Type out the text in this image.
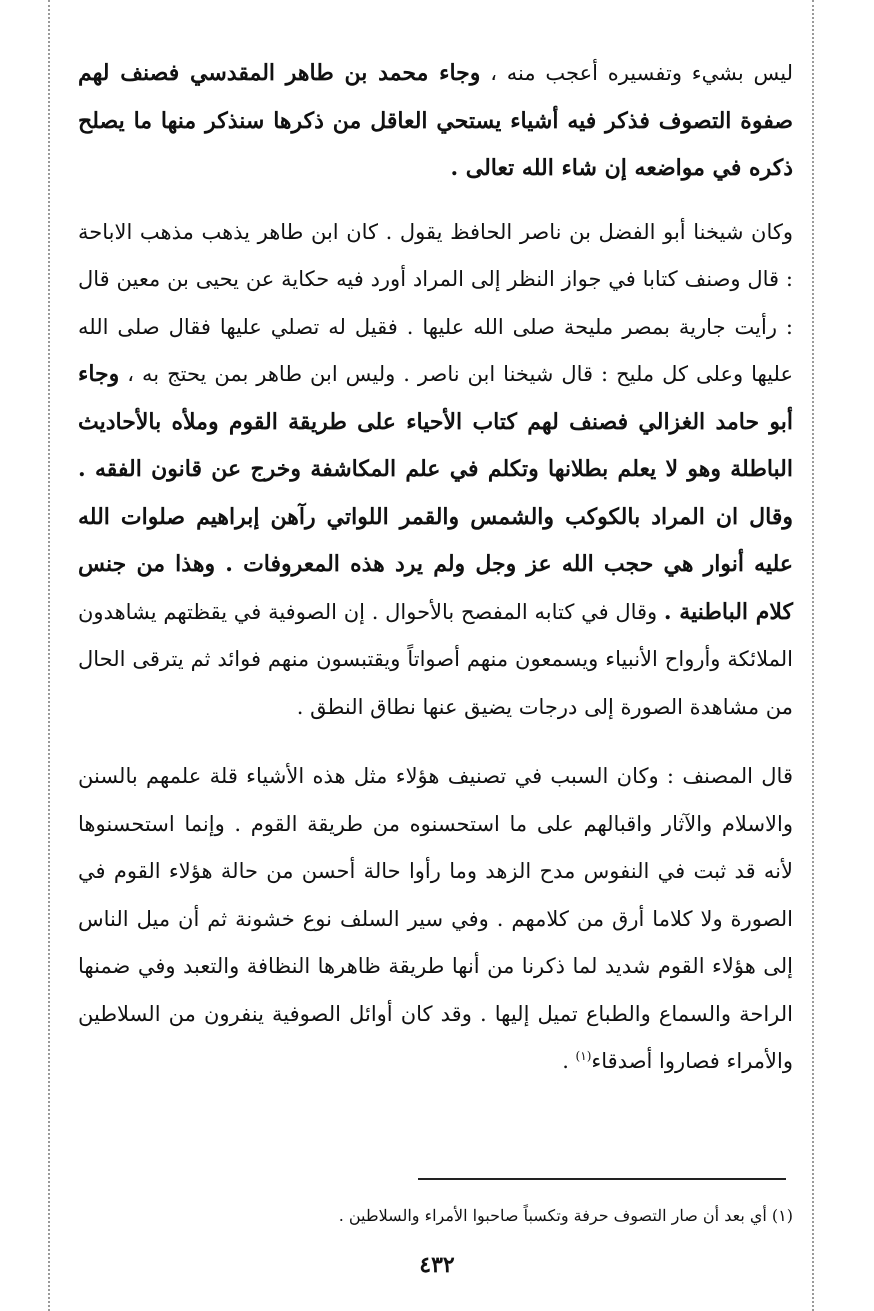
ليس بشيء وتفسيره أعجب منه ، وجاء محمد بن طاهر المقدسي فصنف لهم صفوة التصوف فذكر فيه أشياء يستحي العاقل من ذكرها سنذكر منها ما يصلح ذكره في مواضعه إن شاء الله تعالى .

وكان شيخنا أبو الفضل بن ناصر الحافظ يقول . كان ابن طاهر يذهب مذهب الاباحة : قال وصنف كتابا في جواز النظر إلى المراد أورد فيه حكاية عن يحيى بن معين قال : رأيت جارية بمصر مليحة صلى الله عليها . فقيل له تصلي عليها فقال صلى الله عليها وعلى كل مليح : قال شيخنا ابن ناصر . وليس ابن طاهر بمن يحتج به ، وجاء أبو حامد الغزالي فصنف لهم كتاب الأحياء على طريقة القوم وملأه بالأحاديث الباطلة وهو لا يعلم بطلانها وتكلم في علم المكاشفة وخرج عن قانون الفقه . وقال ان المراد بالكوكب والشمس والقمر اللواتي رآهن إبراهيم صلوات الله عليه أنوار هي حجب الله عز وجل ولم يرد هذه المعروفات . وهذا من جنس كلام الباطنية . وقال في كتابه المفصح بالأحوال . إن الصوفية في يقظتهم يشاهدون الملائكة وأرواح الأنبياء ويسمعون منهم أصواتاً ويقتبسون منهم فوائد ثم يترقى الحال من مشاهدة الصورة إلى درجات يضيق عنها نطاق النطق .

قال المصنف : وكان السبب في تصنيف هؤلاء مثل هذه الأشياء قلة علمهم بالسنن والاسلام والآثار واقبالهم على ما استحسنوه من طريقة القوم . وإنما استحسنوها لأنه قد ثبت في النفوس مدح الزهد وما رأوا حالة أحسن من حالة هؤلاء القوم في الصورة ولا كلاما أرق من كلامهم . وفي سير السلف نوع خشونة ثم أن ميل الناس إلى هؤلاء القوم شديد لما ذكرنا من أنها طريقة ظاهرها النظافة والتعبد وفي ضمنها الراحة والسماع والطباع تميل إليها . وقد كان أوائل الصوفية ينفرون من السلاطين والأمراء فصاروا أصدقاء$^{(١)}$ .

(١) أي بعد أن صار التصوف حرفة وتكسباً صاحبوا الأمراء والسلاطين .

٤٣٢
